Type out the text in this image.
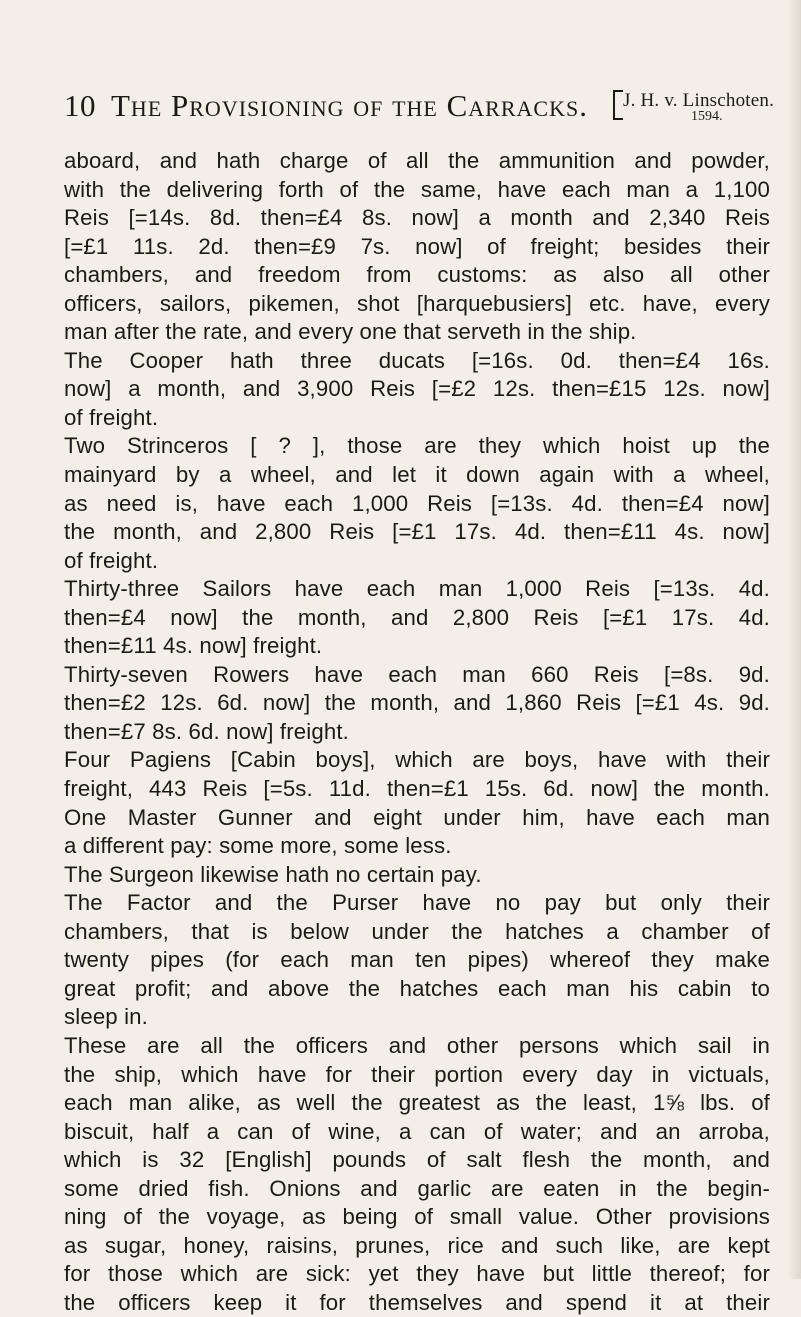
10 The Provisioning of the Carracks. J. H. v. Linschoten.
1594.
aboard, and hath charge of all the ammunition and powder,
with the delivering forth of the same, have each man a 1,100
Reis [=14s. 8d. then=£4 8s. now] a month and 2,340 Reis
[=£1 11s. 2d. then=£9 7s. now] of freight; besides their
chambers, and freedom from customs: as also all other
officers, sailors, pikemen, shot [harquebusiers] etc. have, every
man after the rate, and every one that serveth in the ship.
The Cooper hath three ducats [=16s. 0d. then=£4 16s.
now] a month, and 3,900 Reis [=£2 12s. then=£15 12s. now]
of freight.
Two Strinceros [ ? ], those are they which hoist up the
mainyard by a wheel, and let it down again with a wheel,
as need is, have each 1,000 Reis [=13s. 4d. then=£4 now]
the month, and 2,800 Reis [=£1 17s. 4d. then=£11 4s. now]
of freight.
Thirty-three Sailors have each man 1,000 Reis [=13s. 4d.
then=£4 now] the month, and 2,800 Reis [=£1 17s. 4d.
then=£11 4s. now] freight.
Thirty-seven Rowers have each man 660 Reis [=8s. 9d.
then=£2 12s. 6d. now] the month, and 1,860 Reis [=£1 4s. 9d.
then=£7 8s. 6d. now] freight.
Four Pagiens [Cabin boys], which are boys, have with their
freight, 443 Reis [=5s. 11d. then=£1 15s. 6d. now] the month.
One Master Gunner and eight under him, have each man
a different pay: some more, some less.
The Surgeon likewise hath no certain pay.
The Factor and the Purser have no pay but only their
chambers, that is below under the hatches a chamber of
twenty pipes (for each man ten pipes) whereof they make
great profit; and above the hatches each man his cabin to
sleep in.
These are all the officers and other persons which sail in
the ship, which have for their portion every day in victuals,
each man alike, as well the greatest as the least, 1⅝ lbs. of
biscuit, half a can of wine, a can of water; and an arroba,
which is 32 [English] pounds of salt flesh the month, and
some dried fish. Onions and garlic are eaten in the begin-
ning of the voyage, as being of small value. Other provisions
as sugar, honey, raisins, prunes, rice and such like, are kept
for those which are sick: yet they have but little thereof; for
the officers keep it for themselves and spend it at their
